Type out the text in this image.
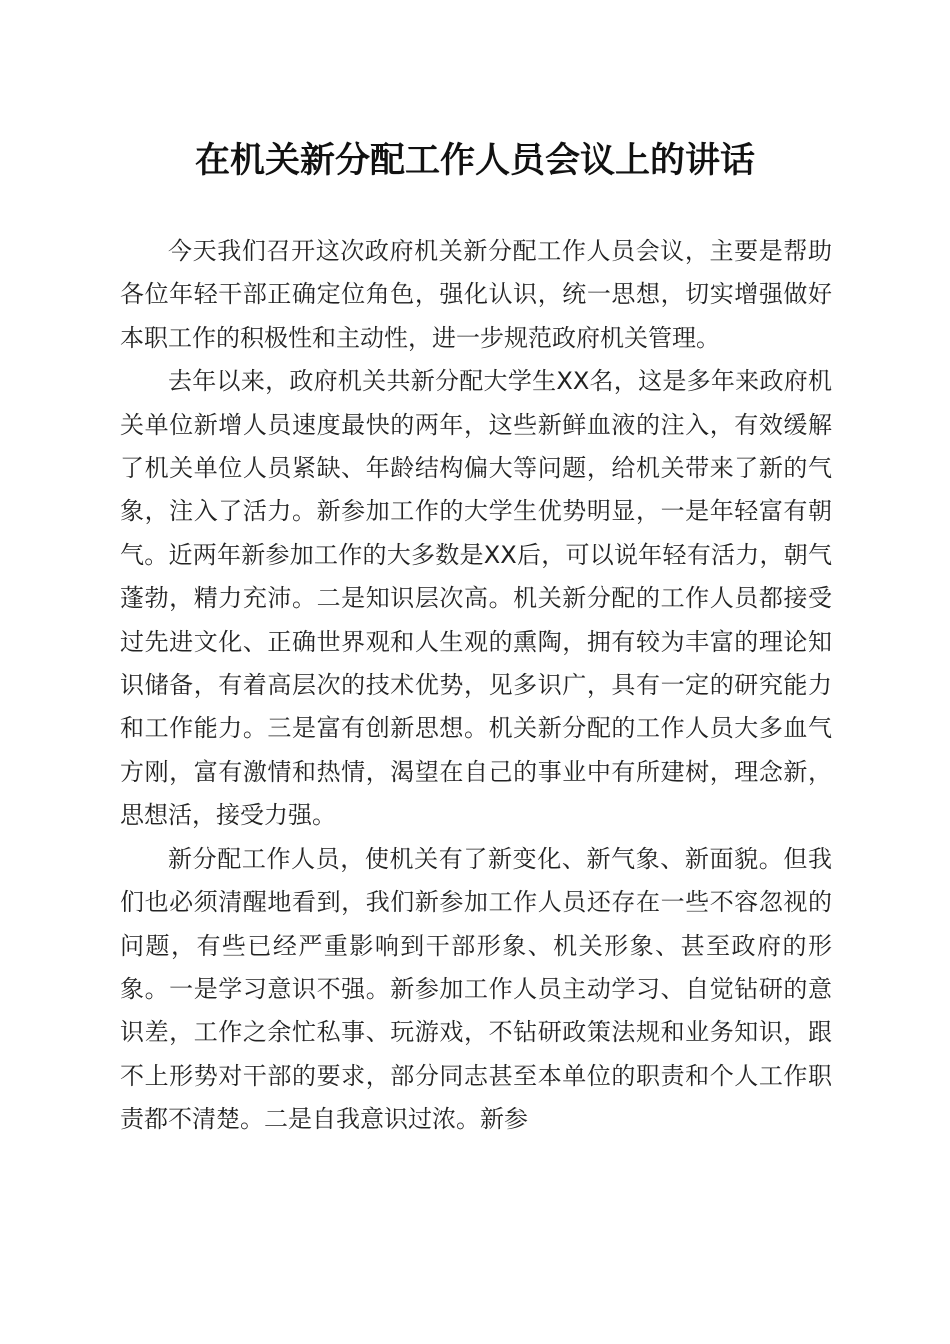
在机关新分配工作人员会议上的讲话

今天我们召开这次政府机关新分配工作人员会议，主要是帮助各位年轻干部正确定位角色，强化认识，统一思想，切实增强做好本职工作的积极性和主动性，进一步规范政府机关管理。

去年以来，政府机关共新分配大学生XX名，这是多年来政府机关单位新增人员速度最快的两年，这些新鲜血液的注入，有效缓解了机关单位人员紧缺、年龄结构偏大等问题，给机关带来了新的气象，注入了活力。新参加工作的大学生优势明显，一是年轻富有朝气。近两年新参加工作的大多数是XX后，可以说年轻有活力，朝气蓬勃，精力充沛。二是知识层次高。机关新分配的工作人员都接受过先进文化、正确世界观和人生观的熏陶，拥有较为丰富的理论知识储备，有着高层次的技术优势，见多识广，具有一定的研究能力和工作能力。三是富有创新思想。机关新分配的工作人员大多血气方刚，富有激情和热情，渴望在自己的事业中有所建树，理念新，思想活，接受力强。

新分配工作人员，使机关有了新变化、新气象、新面貌。但我们也必须清醒地看到，我们新参加工作人员还存在一些不容忽视的问题，有些已经严重影响到干部形象、机关形象、甚至政府的形象。一是学习意识不强。新参加工作人员主动学习、自觉钻研的意识差，工作之余忙私事、玩游戏，不钻研政策法规和业务知识，跟不上形势对干部的要求，部分同志甚至本单位的职责和个人工作职责都不清楚。二是自我意识过浓。新参
